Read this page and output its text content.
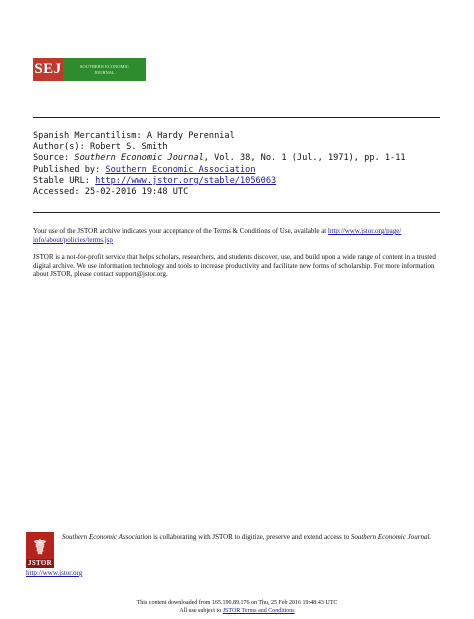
SEJ	SOUTHERN ECONOMIC
JOURNAL
Spanish Mercantilism: A Hardy Perennial
Author(s): Robert S. Smith
Source: Southern Economic Journal, Vol. 38, No. 1 (Jul., 1971), pp. 1-11
Published by: Southern Economic Association
Stable URL: http://www.jstor.org/stable/1056063
Accessed: 25-02-2016 19:48 UTC
Your use of the JSTOR archive indicates your acceptance of the Terms & Conditions of Use, available at http://www.jstor.org/page/
info/about/policies/terms.jsp
JSTOR is a not-for-profit service that helps scholars, researchers, and students discover, use, and build upon a wide range of content in a trusted digital archive. We use information technology and tools to increase productivity and facilitate new forms of scholarship. For more information about JSTOR, please contact support@jstor.org.
☤
JSTOR
Southern Economic Association is collaborating with JSTOR to digitize, preserve and extend access to Southern Economic Journal.
http://www.jstor.org
This content downloaded from 165.190.89.176 on Thu, 25 Feb 2016 19:48:43 UTC
All use subject to JSTOR Terms and Conditions
